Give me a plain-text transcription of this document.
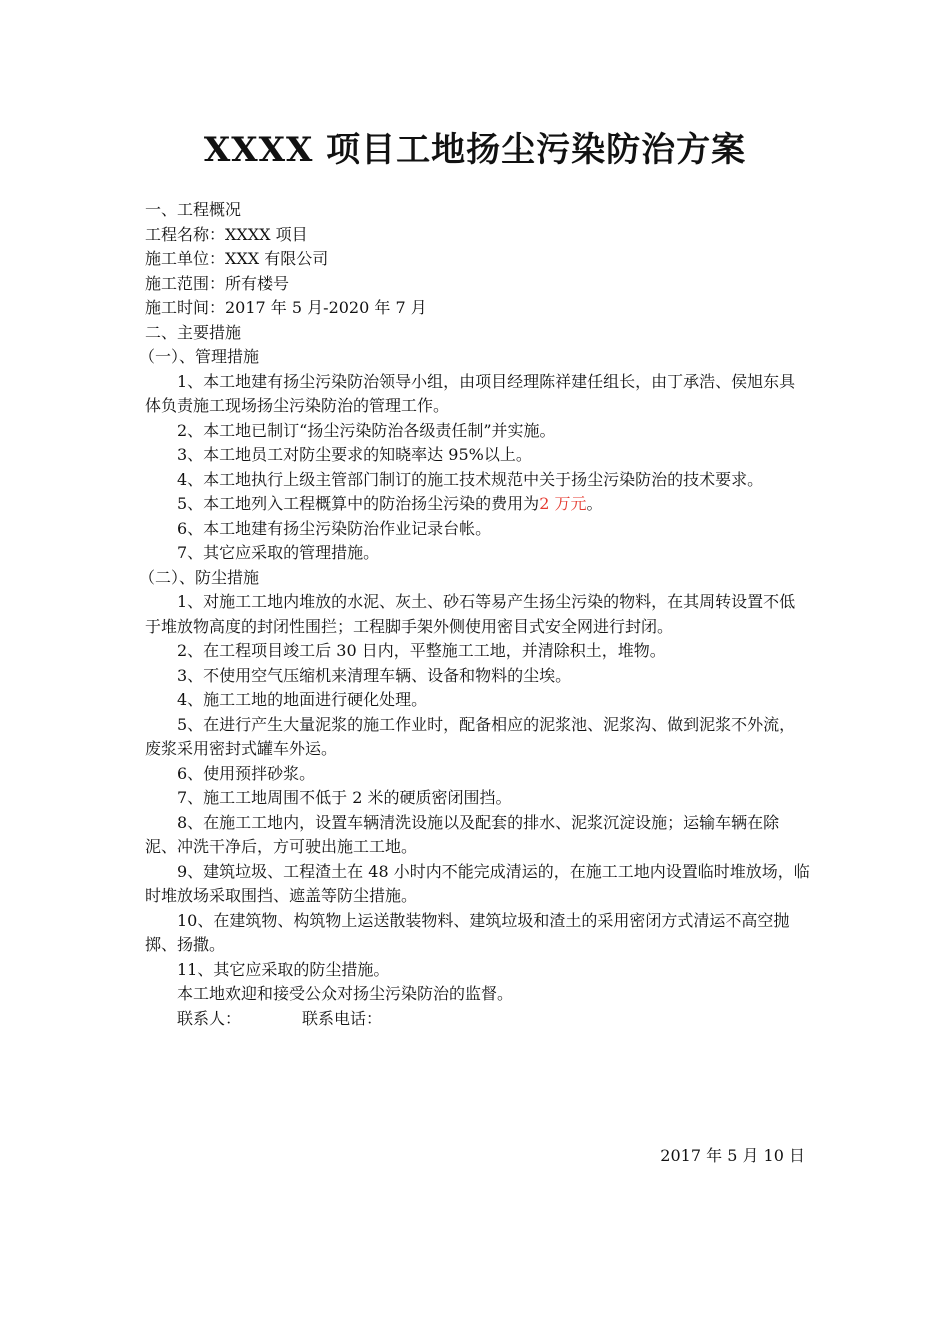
XXXX 项目工地扬尘污染防治方案

一、工程概况

工程名称：XXXX 项目

施工单位：XXX 有限公司

施工范围：所有楼号

施工时间：2017 年 5 月-2020 年 7 月

二、主要措施

（一）、管理措施

1、本工地建有扬尘污染防治领导小组，由项目经理陈祥建任组长，由丁承浩、侯旭东具体负责施工现场扬尘污染防治的管理工作。

2、本工地已制订“扬尘污染防治各级责任制”并实施。

3、本工地员工对防尘要求的知晓率达 95%以上。

4、本工地执行上级主管部门制订的施工技术规范中关于扬尘污染防治的技术要求。

5、本工地列入工程概算中的防治扬尘污染的费用为2 万元。

6、本工地建有扬尘污染防治作业记录台帐。

7、其它应采取的管理措施。

（二）、防尘措施

1、对施工工地内堆放的水泥、灰土、砂石等易产生扬尘污染的物料，在其周转设置不低于堆放物高度的封闭性围拦；工程脚手架外侧使用密目式安全网进行封闭。

2、在工程项目竣工后 30 日内，平整施工工地，并清除积土，堆物。

3、不使用空气压缩机来清理车辆、设备和物料的尘埃。

4、施工工地的地面进行硬化处理。

5、在进行产生大量泥浆的施工作业时，配备相应的泥浆池、泥浆沟、做到泥浆不外流，废浆采用密封式罐车外运。

6、使用预拌砂浆。

7、施工工地周围不低于 2 米的硬质密闭围挡。

8、在施工工地内，设置车辆清洗设施以及配套的排水、泥浆沉淀设施；运输车辆在除泥、冲洗干净后，方可驶出施工工地。

9、建筑垃圾、工程渣土在 48 小时内不能完成清运的，在施工工地内设置临时堆放场，临时堆放场采取围挡、遮盖等防尘措施。

10、在建筑物、构筑物上运送散装物料、建筑垃圾和渣土的采用密闭方式清运不高空抛掷、扬撒。

11、其它应采取的防尘措施。

本工地欢迎和接受公众对扬尘污染防治的监督。

联系人：	联系电话：

2017 年 5 月 10 日
